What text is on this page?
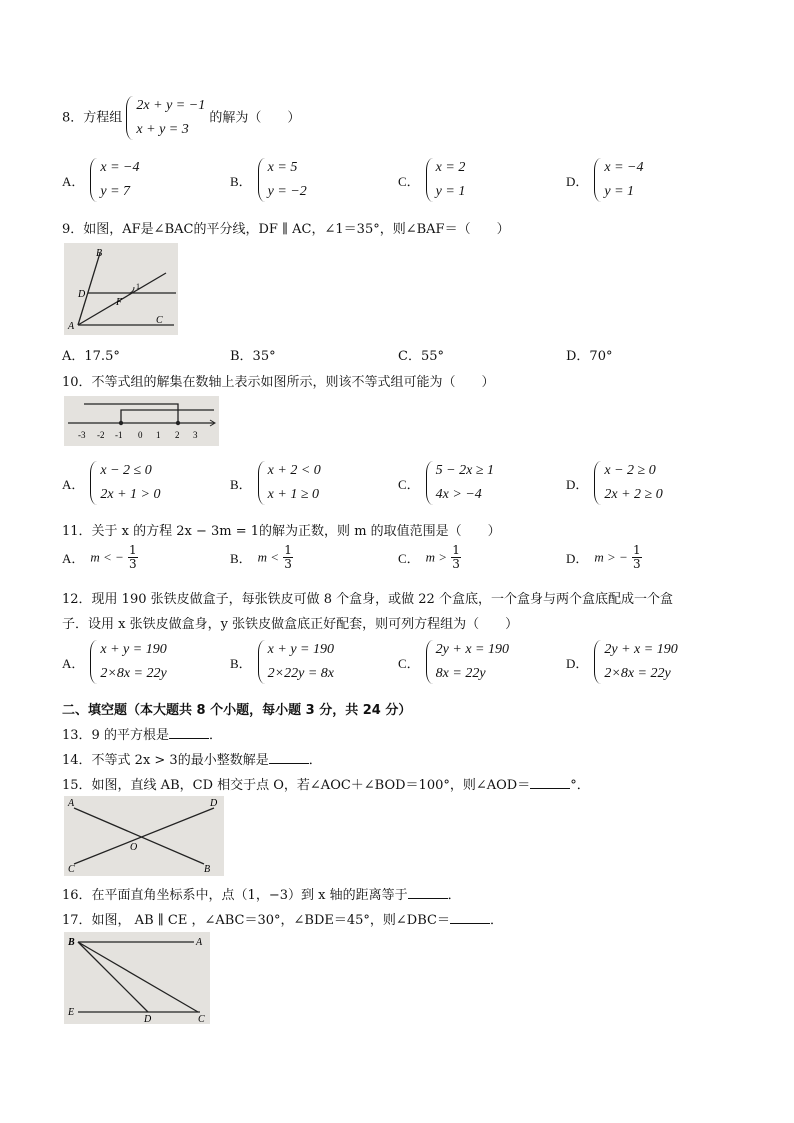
8．方程组
2x + y = −1
x + y = 3
的解为（　　）
A．
x = −4
y = 7
B．
x = 5
y = −2
C．
x = 2
y = 1
D．
x = −4
y = 1
9．如图，AF是∠BAC的平分线，DF ∥ AC，∠1＝35°，则∠BAF＝（　　）
B
D
F
1
A
C
A．17.5°	B．35°	C．55°	D．70°
10．不等式组的解集在数轴上表示如图所示，则该不等式组可能为（　　）
-3 -2 -1 0 1 2 3
A．
x − 2 ≤ 0
2x + 1 > 0
B．
x + 2 < 0
x + 1 ≥ 0
C．
5 − 2x ≥ 1
4x > −4
D．
x − 2 ≥ 0
2x + 2 ≥ 0
11．关于 x 的方程 2x − 3m = 1的解为正数，则 m 的取值范围是（　　）
A． m < − $\frac{1}{3}$	B． $m < \frac{1}{3}$	C． $m > \frac{1}{3}$	D． m > − $\frac{1}{3}$
12．现用 190 张铁皮做盒子，每张铁皮可做 8 个盒身，或做 22 个盒底，一个盒身与两个盒底配成一个盒
子．设用 x 张铁皮做盒身，y 张铁皮做盒底正好配套，则可列方程组为（　　）
A．
x + y = 190
2×8x = 22y
B．
x + y = 190
2×22y = 8x
C．
2y + x = 190
8x = 22y
D．
2y + x = 190
2×8x = 22y
二、填空题（本大题共 8 个小题，每小题 3 分，共 24 分）
13．9 的平方根是	．
14．不等式 2x > 3的最小整数解是	．
15．如图，直线 AB，CD 相交于点 O，若∠AOC＋∠BOD＝100°，则∠AOD＝	°．
A	D
O
C	B
16．在平面直角坐标系中，点（1，−3）到 x 轴的距离等于	．
17．如图， AB ∥ CE ，∠ABC＝30°，∠BDE＝45°，则∠DBC＝	．
B	A
E
D	C
